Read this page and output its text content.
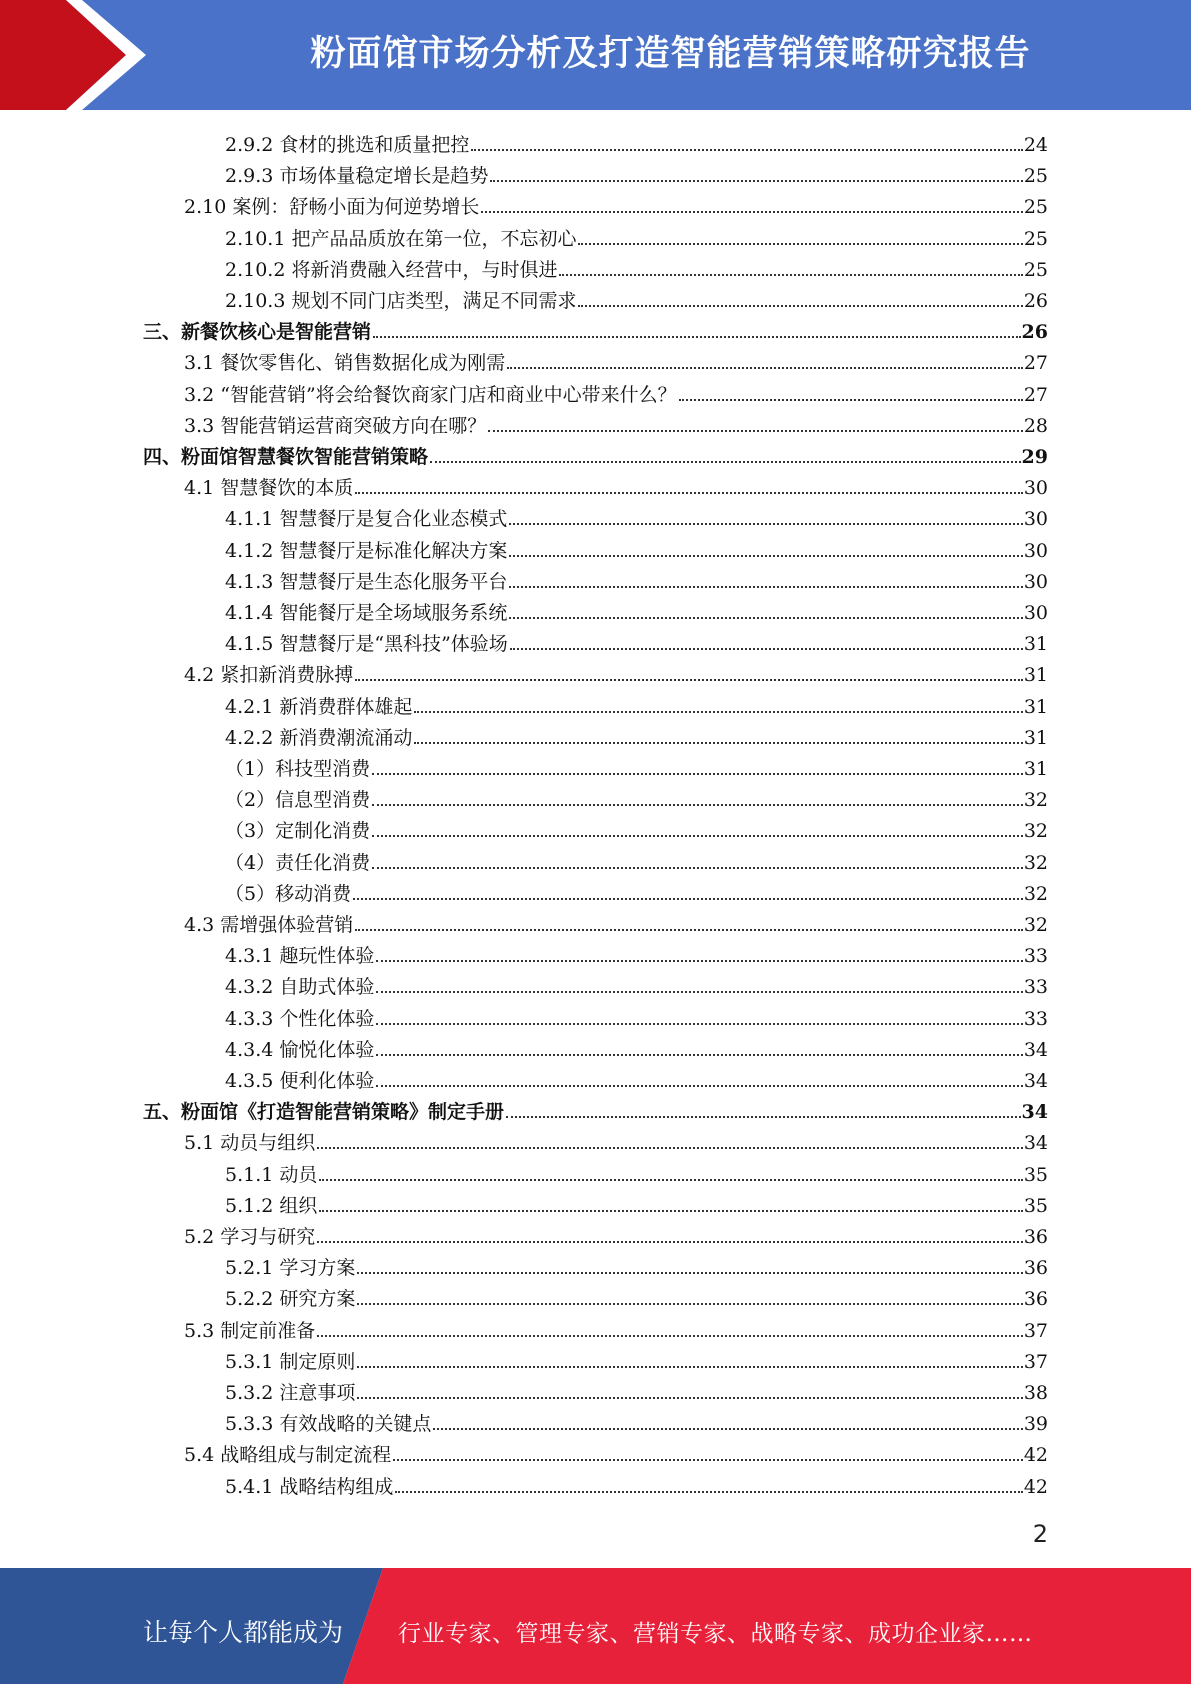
粉面馆市场分析及打造智能营销策略研究报告
2.9.2 食材的挑选和质量把控	24
2.9.3 市场体量稳定增长是趋势	25
2.10 案例：舒畅小面为何逆势增长	25
2.10.1 把产品品质放在第一位，不忘初心	25
2.10.2 将新消费融入经营中，与时俱进	25
2.10.3 规划不同门店类型，满足不同需求	26
三、新餐饮核心是智能营销	26
3.1 餐饮零售化、销售数据化成为刚需	27
3.2 “智能营销”将会给餐饮商家门店和商业中心带来什么？	27
3.3 智能营销运营商突破方向在哪？	28
四、粉面馆智慧餐饮智能营销策略	29
4.1 智慧餐饮的本质	30
4.1.1 智慧餐厅是复合化业态模式	30
4.1.2 智慧餐厅是标准化解决方案	30
4.1.3 智慧餐厅是生态化服务平台	30
4.1.4 智能餐厅是全场域服务系统	30
4.1.5 智慧餐厅是“黑科技”体验场	31
4.2 紧扣新消费脉搏	31
4.2.1 新消费群体雄起	31
4.2.2 新消费潮流涌动	31
（1）科技型消费	31
（2）信息型消费	32
（3）定制化消费	32
（4）责任化消费	32
（5）移动消费	32
4.3 需增强体验营销	32
4.3.1 趣玩性体验	33
4.3.2 自助式体验	33
4.3.3 个性化体验	33
4.3.4 愉悦化体验	34
4.3.5 便利化体验	34
五、粉面馆《打造智能营销策略》制定手册	34
5.1 动员与组织	34
5.1.1 动员	35
5.1.2 组织	35
5.2 学习与研究	36
5.2.1 学习方案	36
5.2.2 研究方案	36
5.3 制定前准备	37
5.3.1 制定原则	37
5.3.2 注意事项	38
5.3.3 有效战略的关键点	39
5.4 战略组成与制定流程	42
5.4.1 战略结构组成	42
2
让每个人都能成为 行业专家、管理专家、营销专家、战略专家、成功企业家……
